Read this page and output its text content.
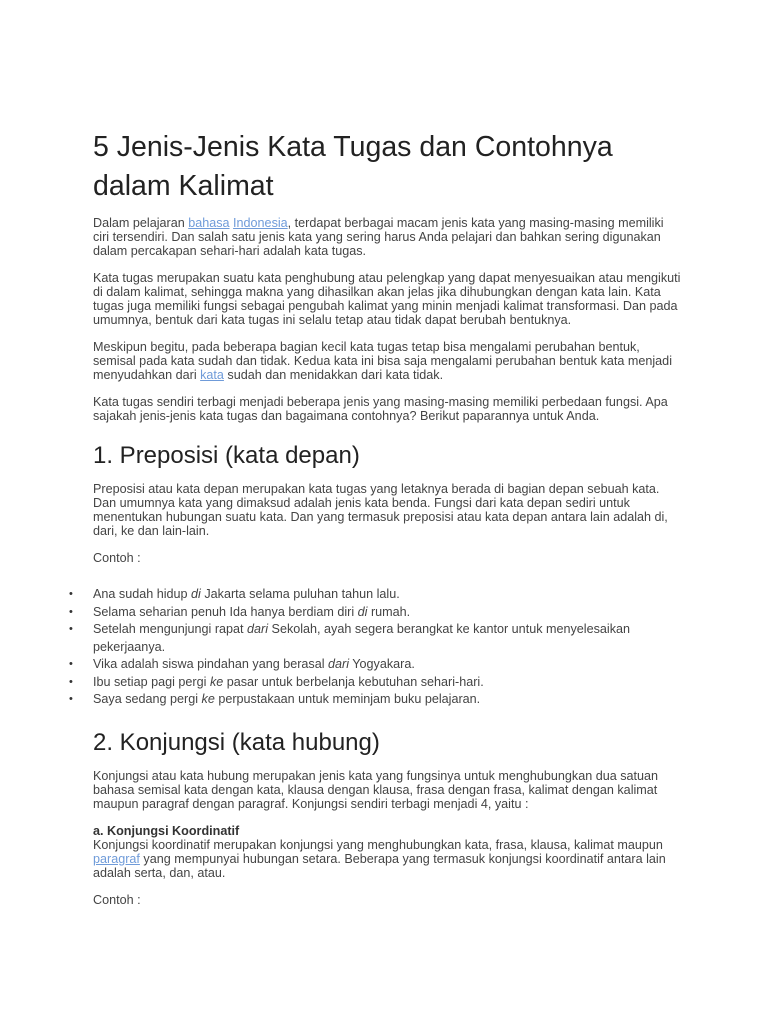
5 Jenis-Jenis Kata Tugas dan Contohnya dalam Kalimat

Dalam pelajaran bahasa Indonesia, terdapat berbagai macam jenis kata yang masing-masing memiliki ciri tersendiri. Dan salah satu jenis kata yang sering harus Anda pelajari dan bahkan sering digunakan dalam percakapan sehari-hari adalah kata tugas.

Kata tugas merupakan suatu kata penghubung atau pelengkap yang dapat menyesuaikan atau mengikuti di dalam kalimat, sehingga makna yang dihasilkan akan jelas jika dihubungkan dengan kata lain. Kata tugas juga memiliki fungsi sebagai pengubah kalimat yang minin menjadi kalimat transformasi. Dan pada umumnya, bentuk dari kata tugas ini selalu tetap atau tidak dapat berubah bentuknya.

Meskipun begitu, pada beberapa bagian kecil kata tugas tetap bisa mengalami perubahan bentuk, semisal pada kata sudah dan tidak. Kedua kata ini bisa saja mengalami perubahan bentuk kata menjadi menyudahkan dari kata sudah dan menidakkan dari kata tidak.

Kata tugas sendiri terbagi menjadi beberapa jenis yang masing-masing memiliki perbedaan fungsi. Apa sajakah jenis-jenis kata tugas dan bagaimana contohnya? Berikut paparannya untuk Anda.

1. Preposisi (kata depan)

Preposisi atau kata depan merupakan kata tugas yang letaknya berada di bagian depan sebuah kata. Dan umumnya kata yang dimaksud adalah jenis kata benda. Fungsi dari kata depan sediri untuk menentukan hubungan suatu kata. Dan yang termasuk preposisi atau kata depan antara lain adalah di, dari, ke dan lain-lain.

Contoh :

• Ana sudah hidup di Jakarta selama puluhan tahun lalu.
• Selama seharian penuh Ida hanya berdiam diri di rumah.
• Setelah mengunjungi rapat dari Sekolah, ayah segera berangkat ke kantor untuk menyelesaikan pekerjaanya.
• Vika adalah siswa pindahan yang berasal dari Yogyakara.
• Ibu setiap pagi pergi ke pasar untuk berbelanja kebutuhan sehari-hari.
• Saya sedang pergi ke perpustakaan untuk meminjam buku pelajaran.
2. Konjungsi (kata hubung)

Konjungsi atau kata hubung merupakan jenis kata yang fungsinya untuk menghubungkan dua satuan bahasa semisal kata dengan kata, klausa dengan klausa, frasa dengan frasa, kalimat dengan kalimat maupun paragraf dengan paragraf. Konjungsi sendiri terbagi menjadi 4, yaitu :

a. Konjungsi Koordinatif
Konjungsi koordinatif merupakan konjungsi yang menghubungkan kata, frasa, klausa, kalimat maupun paragraf yang mempunyai hubungan setara. Beberapa yang termasuk konjungsi koordinatif antara lain adalah serta, dan, atau.

Contoh :
